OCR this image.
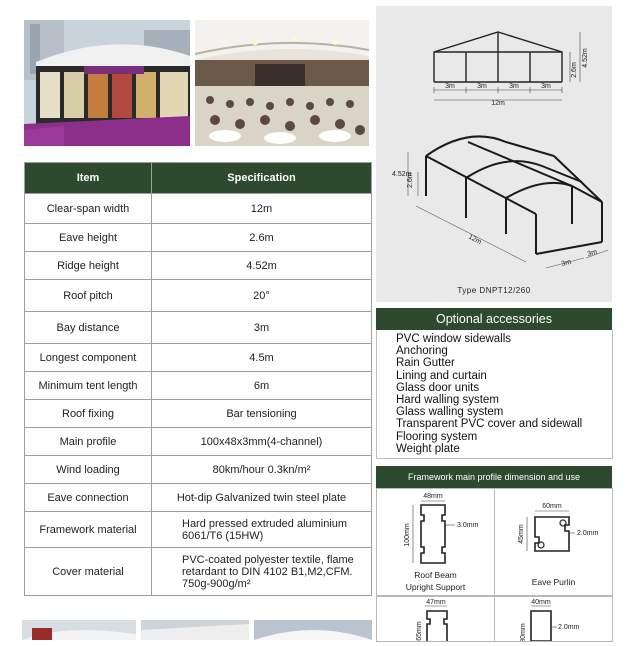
Item	Specification
Clear-span width	12m
Eave height	2.6m
Ridge height	4.52m
Roof pitch	20°
Bay distance	3m
Longest component	4.5m
Minimum tent length	6m
Roof fixing	Bar tensioning
Main profile	100x48x3mm(4-channel)
Wind loading	80km/hour 0.3kn/m²
Eave connection	Hot-dip Galvanized twin steel plate
Framework material	Hard pressed extruded aluminium 6061/T6 (15HW)
Cover material	PVC-coated polyester textile, flame retardant to DIN 4102 B1,M2,CFM. 750g-900g/m²
3m	3m	3m	3m
12m
2.6m
4.52m
4.52m
2.6m
12m
3m
3m
Type DNPT12/260
Optional accessories
PVC window sidewalls
Anchoring
Rain Gutter
Lining and curtain
Glass door units
Hard walling system
Glass walling system
Transparent PVC cover and sidewall
Flooring system
Weight plate
Framework main profile dimension and use
48mm
100mm	3.0mm
Roof Beam
Upright Support
60mm
45mm	2.0mm
Eave Purlin
47mm
65mm
40mm
2.0mm
80mm
